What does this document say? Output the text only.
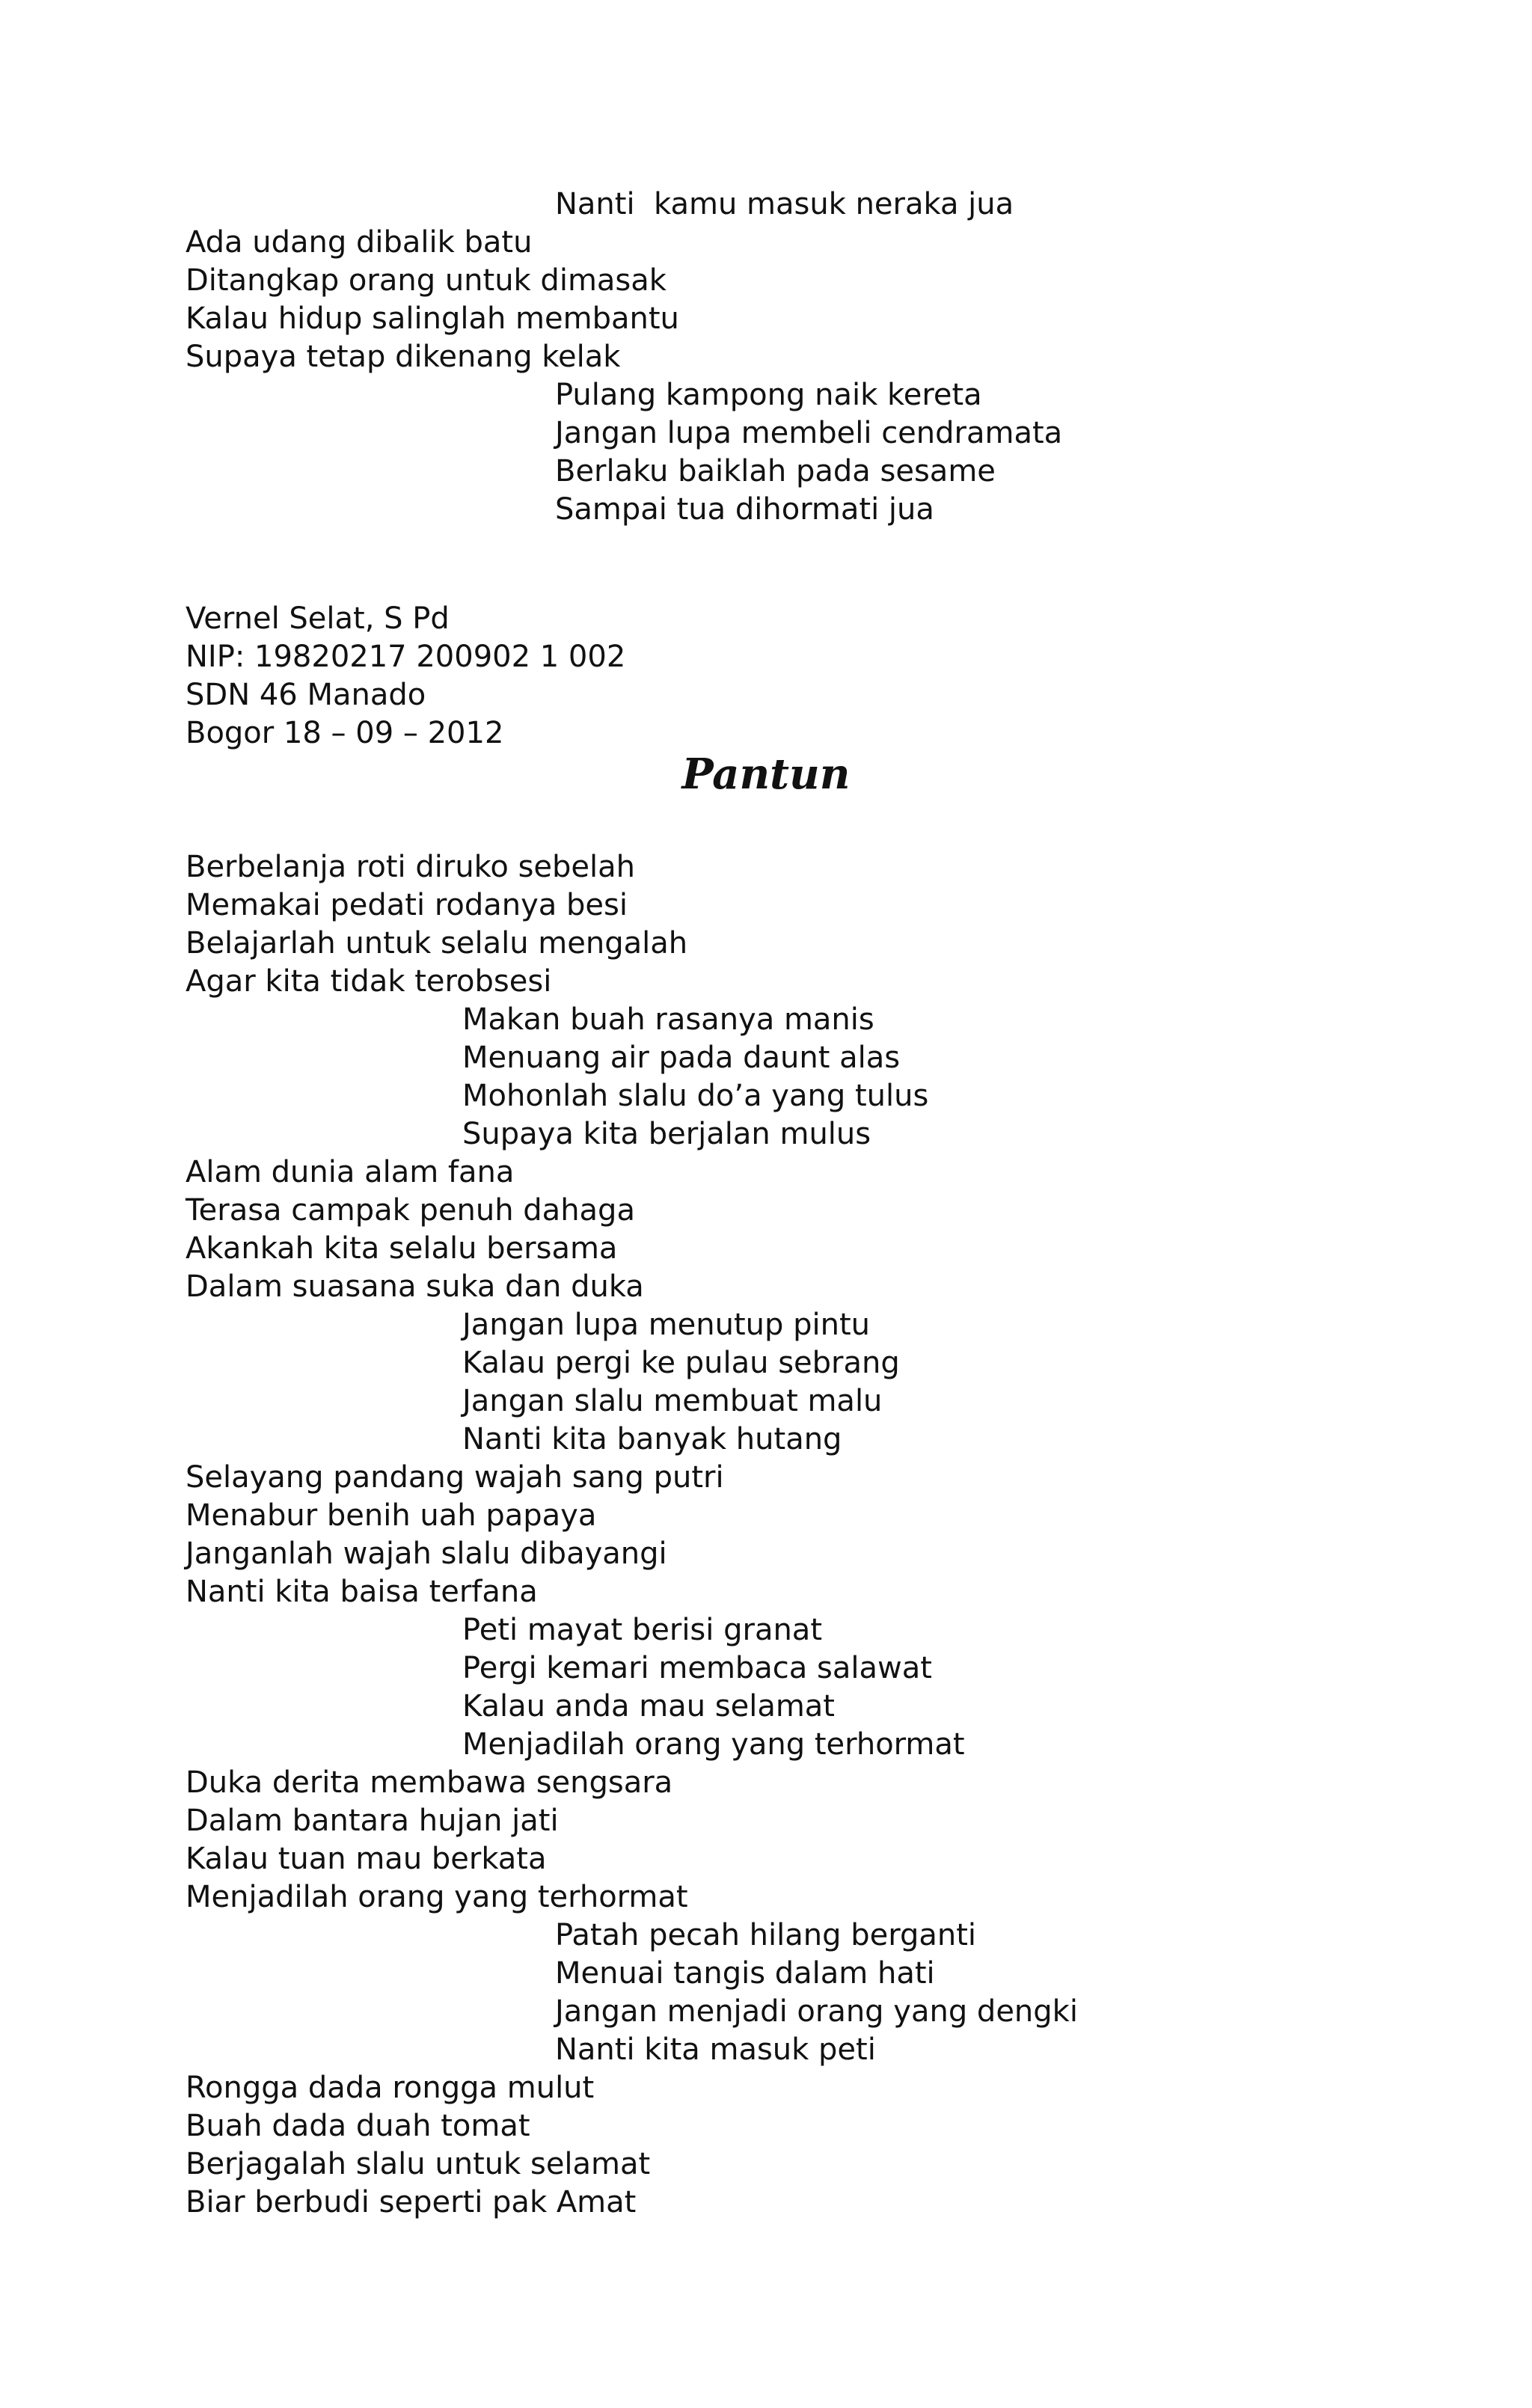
Nanti  kamu masuk neraka jua
Ada udang dibalik batu
Ditangkap orang untuk dimasak
Kalau hidup salinglah membantu
Supaya tetap dikenang kelak
Pulang kampong naik kereta
Jangan lupa membeli cendramata
Berlaku baiklah pada sesame
Sampai tua dihormati jua
Vernel Selat, S Pd
NIP: 19820217 200902 1 002
SDN 46 Manado
Bogor 18 – 09 – 2012
Pantun
Berbelanja roti diruko sebelah
Memakai pedati rodanya besi
Belajarlah untuk selalu mengalah
Agar kita tidak terobsesi
Makan buah rasanya manis
Menuang air pada daunt alas
Mohonlah slalu do’a yang tulus
Supaya kita berjalan mulus
Alam dunia alam fana
Terasa campak penuh dahaga
Akankah kita selalu bersama
Dalam suasana suka dan duka
Jangan lupa menutup pintu
Kalau pergi ke pulau sebrang
Jangan slalu membuat malu
Nanti kita banyak hutang
Selayang pandang wajah sang putri
Menabur benih uah papaya
Janganlah wajah slalu dibayangi
Nanti kita baisa terfana
Peti mayat berisi granat
Pergi kemari membaca salawat
Kalau anda mau selamat
Menjadilah orang yang terhormat
Duka derita membawa sengsara
Dalam bantara hujan jati
Kalau tuan mau berkata
Menjadilah orang yang terhormat
Patah pecah hilang berganti
Menuai tangis dalam hati
Jangan menjadi orang yang dengki
Nanti kita masuk peti
Rongga dada rongga mulut
Buah dada duah tomat
Berjagalah slalu untuk selamat
Biar berbudi seperti pak Amat
